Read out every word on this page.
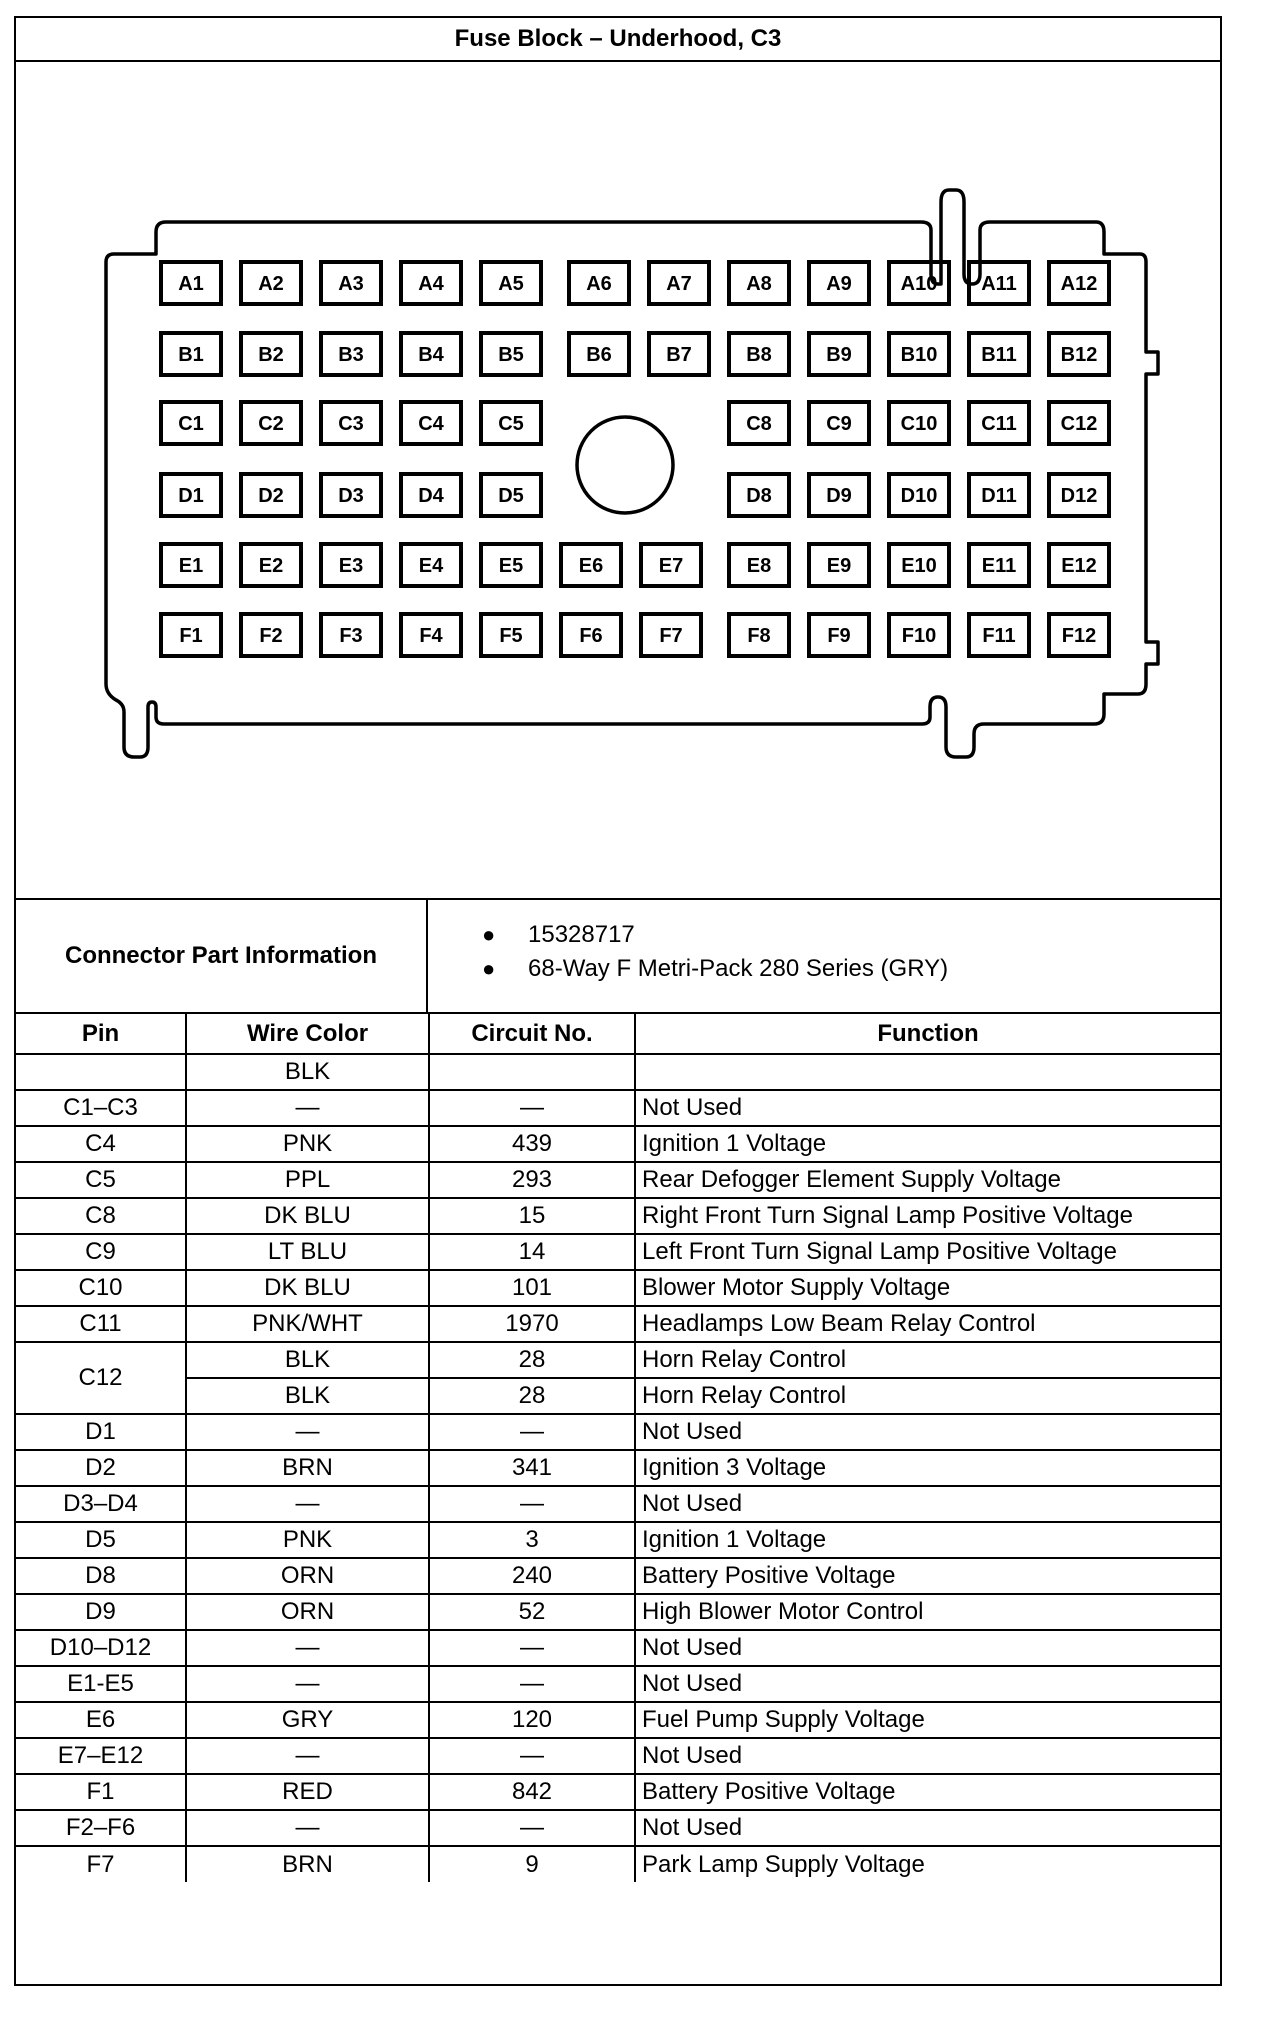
Fuse Block – Underhood, C3
A1	A2	A3	A4	A5	A6	A7	A8	A9 A10 A11 A12
B1	B2	B3	B4	B5	B6	B7	B8	B9 B10 B11 B12
C1	C2	C3	C4	C5	C8	C9 C10 C11 C12
D1	D2	D3	D4	D5	D8	D9 D10 D11 D12
E1	E2	E3	E4	E5	E6	E7	E8	E9 E10 E11 E12
F1	F2	F3	F4	F5	F6	F7	F8	F9	F10 F11 F12
Connector Part Information
● 15328717
● 68-Way F Metri-Pack 280 Series (GRY)
Pin	Wire Color	Circuit No.	Function
	BLK		
C1–C3	—	—	Not Used
C4	PNK	439	Ignition 1 Voltage
C5	PPL	293	Rear Defogger Element Supply Voltage
C8	DK BLU	15	Right Front Turn Signal Lamp Positive Voltage
C9	LT BLU	14	Left Front Turn Signal Lamp Positive Voltage
C10	DK BLU	101	Blower Motor Supply Voltage
C11	PNK/WHT	1970	Headlamps Low Beam Relay Control
C12	BLK	28	Horn Relay Control
	BLK	28	Horn Relay Control
D1	—	—	Not Used
D2	BRN	341	Ignition 3 Voltage
D3–D4	—	—	Not Used
D5	PNK	3	Ignition 1 Voltage
D8	ORN	240	Battery Positive Voltage
D9	ORN	52	High Blower Motor Control
D10–D12	—	—	Not Used
E1-E5	—	—	Not Used
E6	GRY	120	Fuel Pump Supply Voltage
E7–E12	—	—	Not Used
F1	RED	842	Battery Positive Voltage
F2–F6	—	—	Not Used
F7	BRN	9	Park Lamp Supply Voltage
